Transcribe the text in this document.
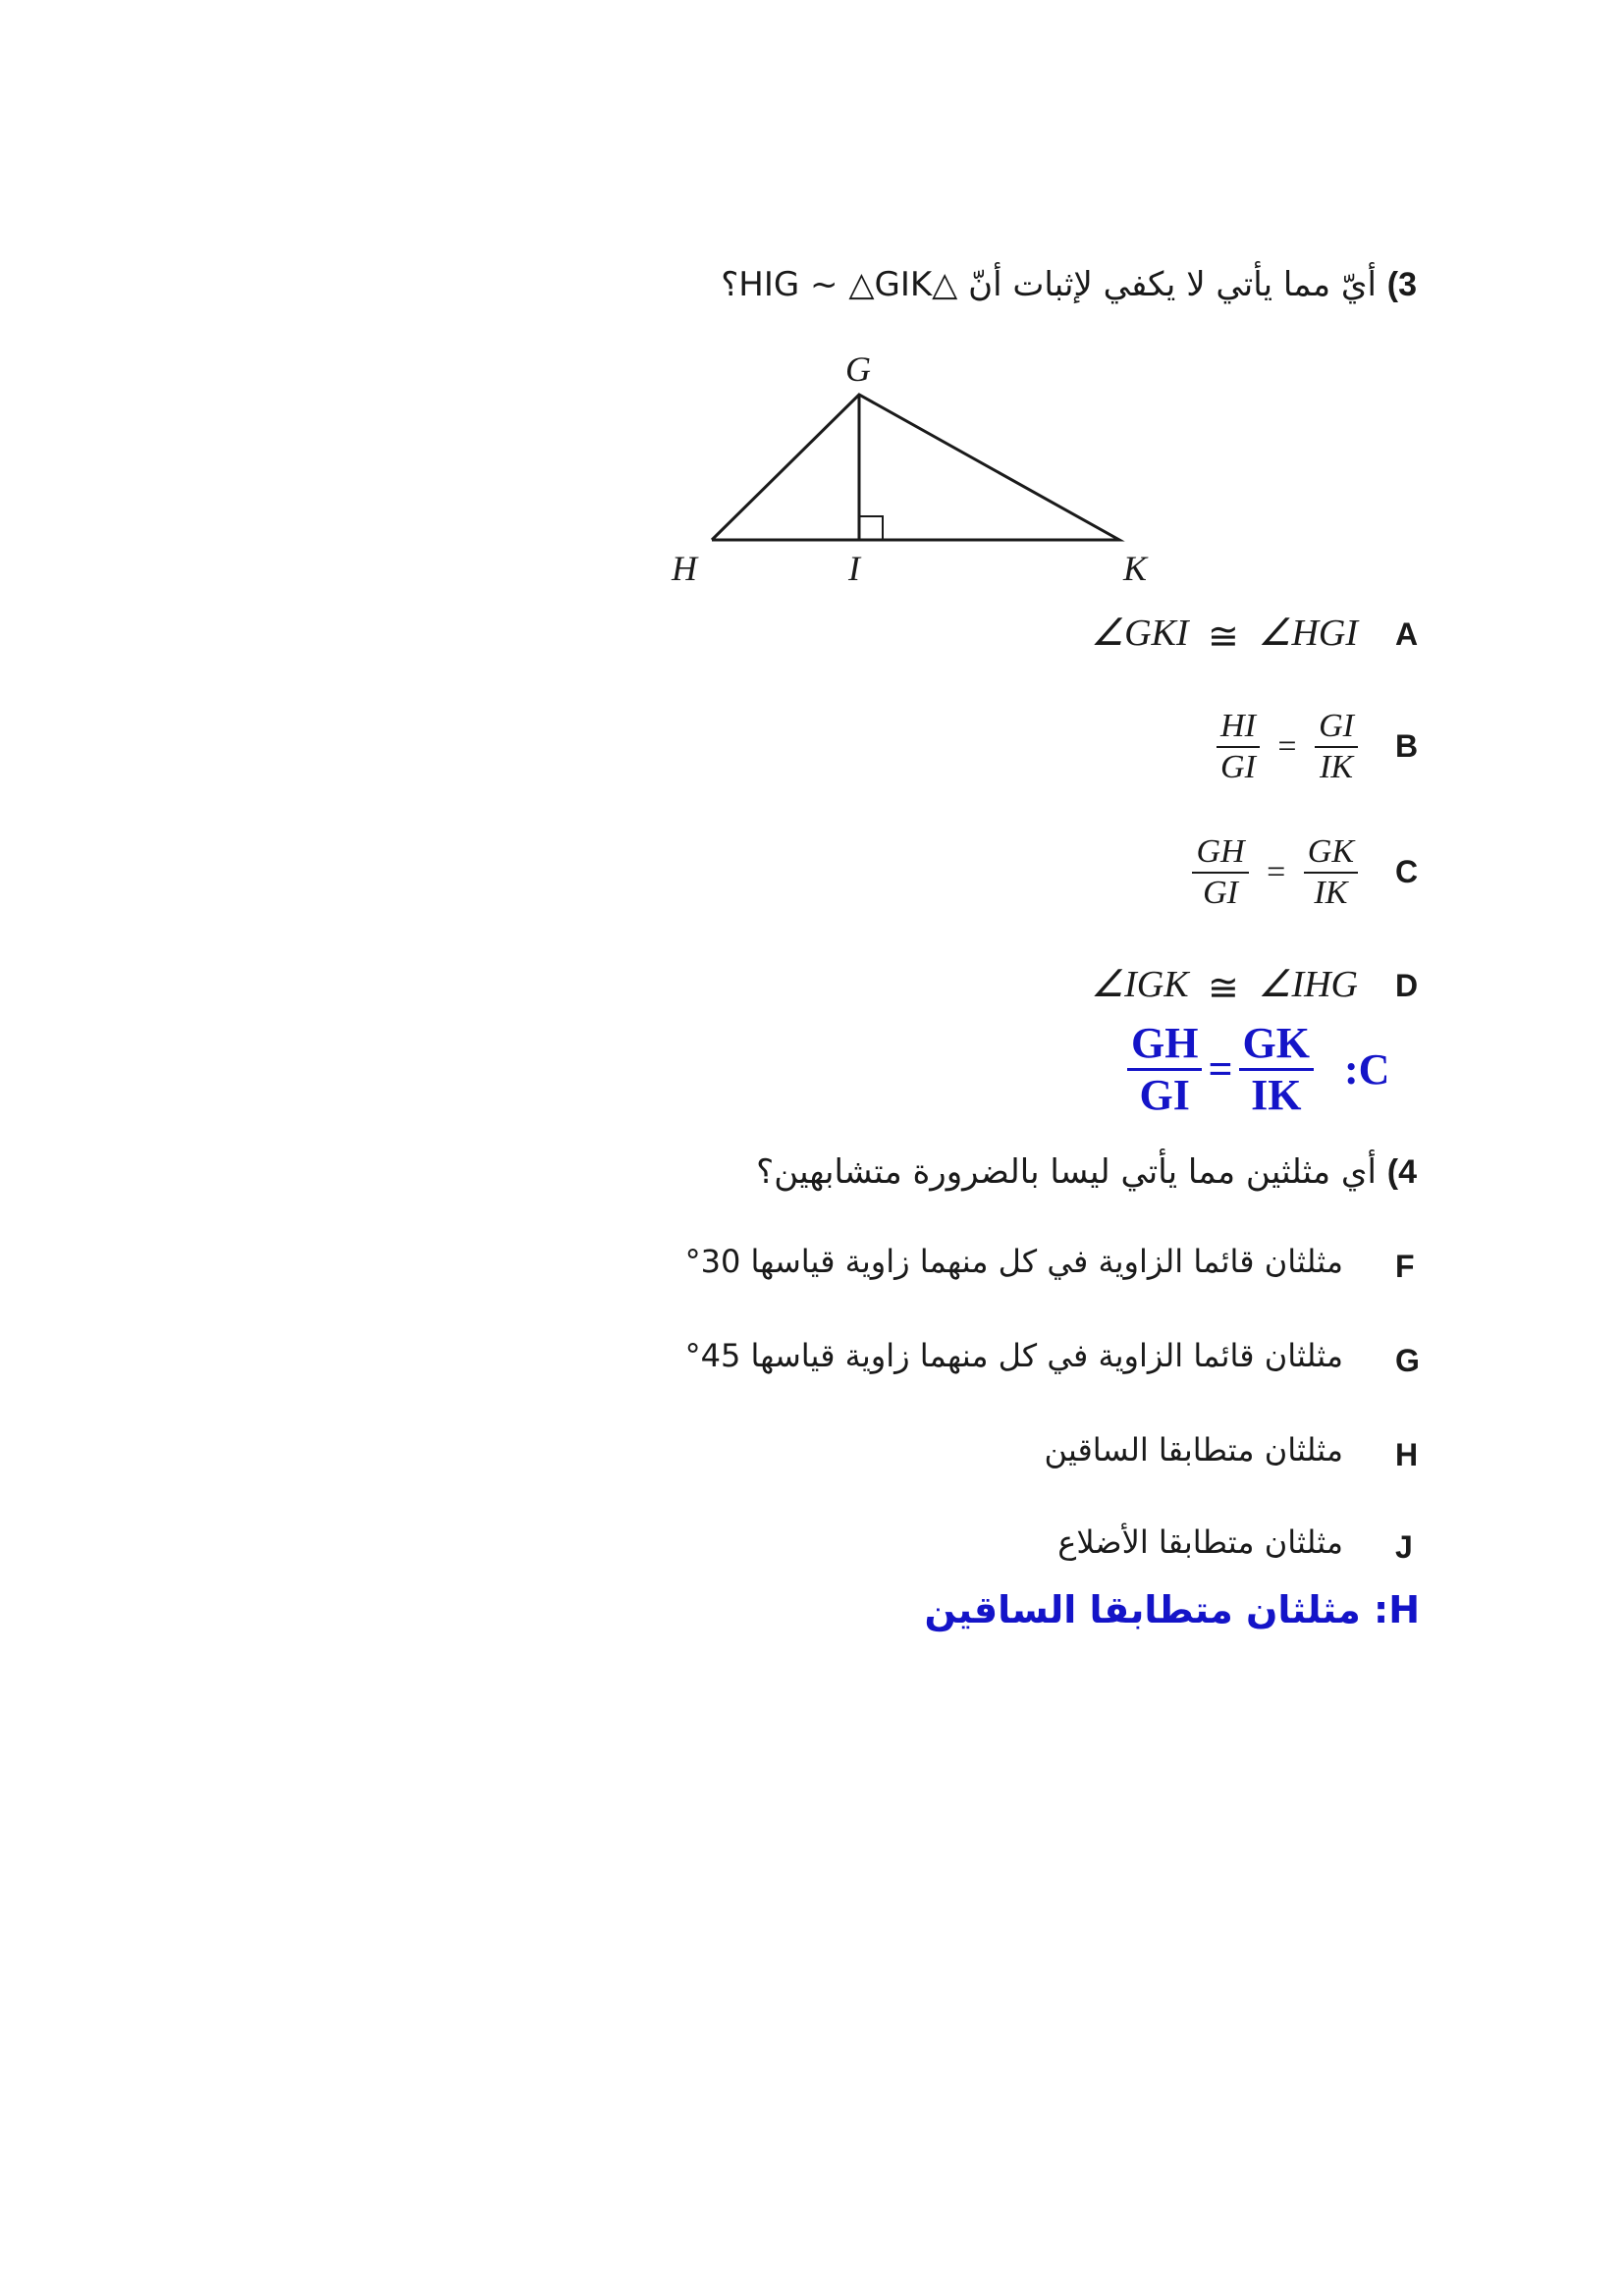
3) أيّ مما يأتي لا يكفي لإثبات أنّ △HIG ~ △GIK؟
G
H	I	K
A
∠GKI ≅ ∠HGI
B
$\frac{HI}{GI} = \frac{GI}{IK}$
C
$\frac{GH}{GI} = \frac{GK}{IK}$
D
∠IGK ≅ ∠IHG
$\frac{GH}{GI} = \frac{GK}{IK}$ :C
4) أي مثلثين مما يأتي ليسا بالضرورة متشابهين؟
F
مثلثان قائما الزاوية في كل منهما زاوية قياسها 30°
G
مثلثان قائما الزاوية في كل منهما زاوية قياسها 45°
H
مثلثان متطابقا الساقين
J
مثلثان متطابقا الأضلاع
H: مثلثان متطابقا الساقين
